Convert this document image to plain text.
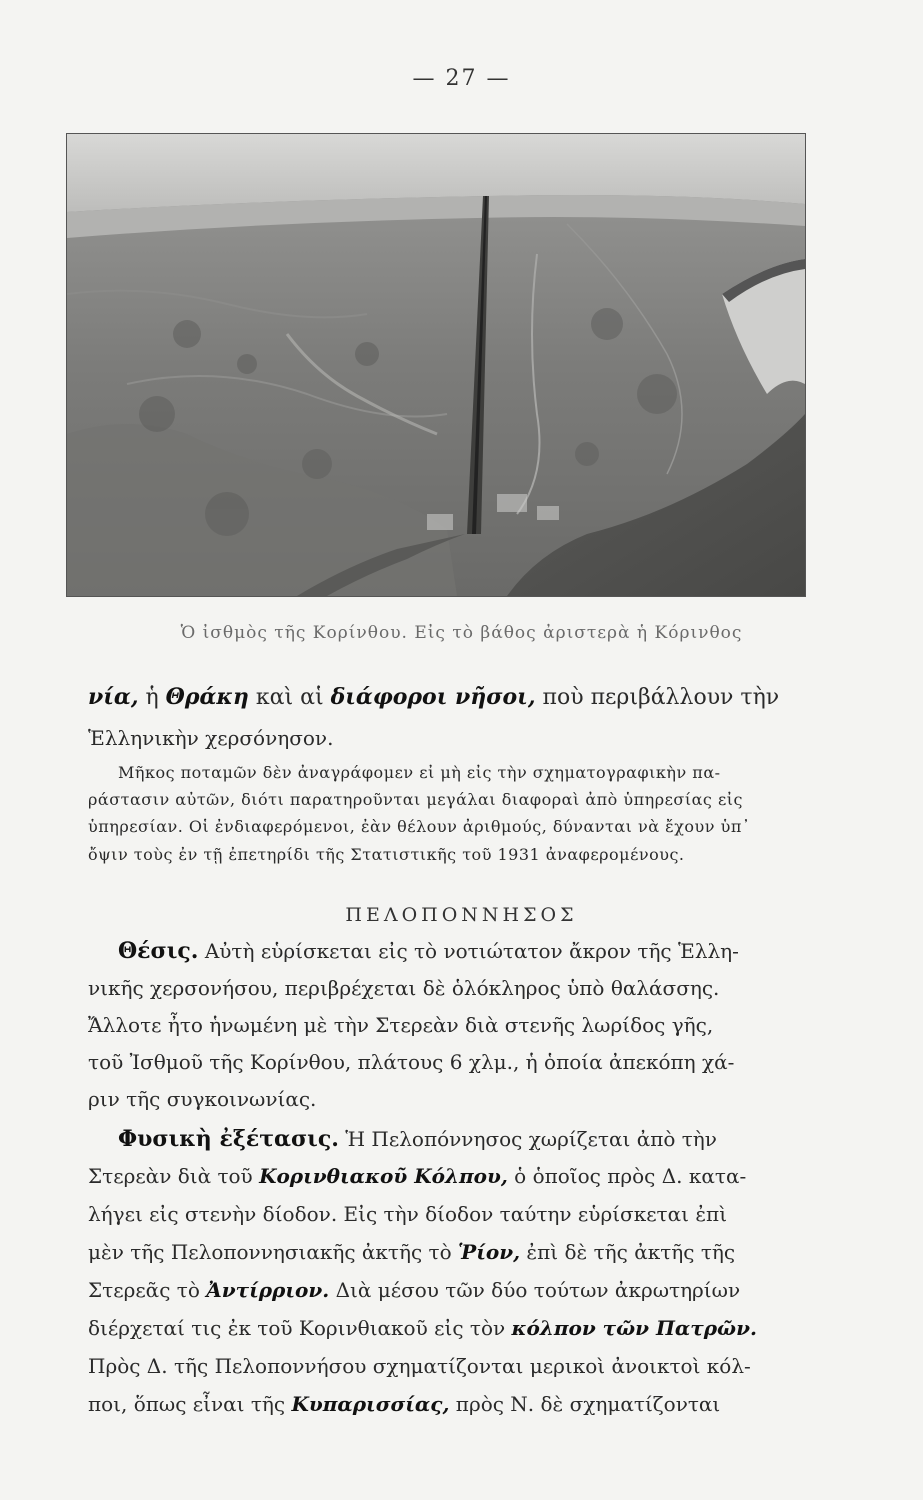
— 27 —
Ὁ ἰσθμὸς τῆς Κορίνθου. Εἰς τὸ βάθος ἀριστερὰ ἡ Κόρινθος
νία, ἡ Θράκη καὶ αἱ διάφοροι νῆσοι, ποὺ περιβάλλουν τὴν
Ἑλληνικὴν χερσόνησον.
Μῆκος ποταμῶν δὲν ἀναγράφομεν εἰ μὴ εἰς τὴν σχηματογραφικὴν πα-
ράστασιν αὐτῶν, διότι παρατηροῦνται μεγάλαι διαφοραὶ ἀπὸ ὑπηρεσίας εἰς
ὑπηρεσίαν. Οἱ ἐνδιαφερόμενοι, ἐὰν θέλουν ἀριθμούς, δύνανται νὰ ἔχουν ὑπ᾿
ὄψιν τοὺς ἐν τῇ ἐπετηρίδι τῆς Στατιστικῆς τοῦ 1931 ἀναφερομένους.
ΠΕΛΟΠΟΝΝΗΣΟΣ
Θέσις. Αὐτὴ εὑρίσκεται εἰς τὸ νοτιώτατον ἄκρον τῆς Ἑλλη-
νικῆς χερσονήσου, περιβρέχεται δὲ ὁλόκληρος ὑπὸ θαλάσσης.
Ἄλλοτε ἦτο ἡνωμένη μὲ τὴν Στερεὰν διὰ στενῆς λωρίδος γῆς,
τοῦ Ἰσθμοῦ τῆς Κορίνθου, πλάτους 6 χλμ., ἡ ὁποία ἀπεκόπη χά-
ριν τῆς συγκοινωνίας.
Φυσικὴ ἐξέτασις. Ἡ Πελοπόννησος χωρίζεται ἀπὸ τὴν
Στερεὰν διὰ τοῦ Κορινθιακοῦ Κόλπου, ὁ ὁποῖος πρὸς Δ. κατα-
λήγει εἰς στενὴν δίοδον. Εἰς τὴν δίοδον ταύτην εὑρίσκεται ἐπὶ
μὲν τῆς Πελοποννησιακῆς ἀκτῆς τὸ Ῥίον, ἐπὶ δὲ τῆς ἀκτῆς τῆς
Στερεᾶς τὸ Ἀντίρριον. Διὰ μέσου τῶν δύο τούτων ἀκρωτηρίων
διέρχεταί τις ἐκ τοῦ Κορινθιακοῦ εἰς τὸν κόλπον τῶν Πατρῶν.
Πρὸς Δ. τῆς Πελοποννήσου σχηματίζονται μερικοὶ ἀνοικτοὶ κόλ-
ποι, ὅπως εἶναι τῆς Κυπαρισσίας, πρὸς Ν. δὲ σχηματίζονται
